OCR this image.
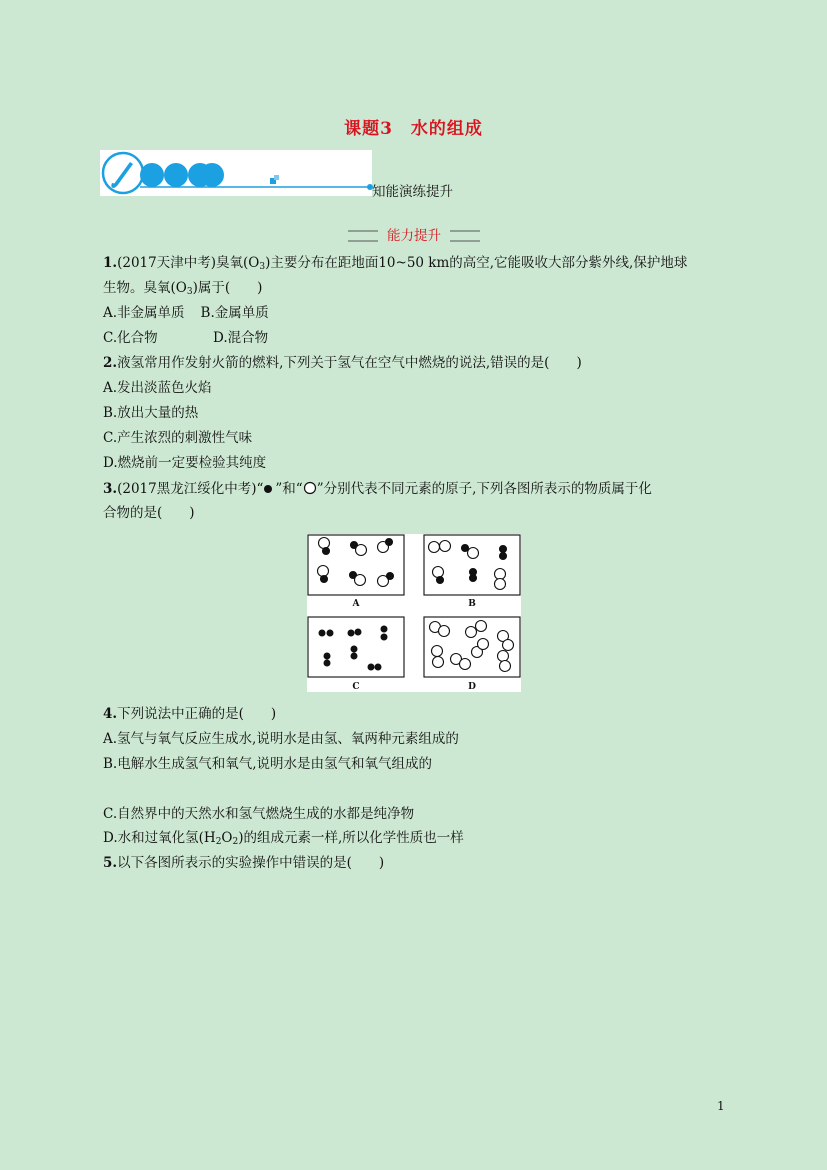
课题3　水的组成
知能演练提升
能力提升
1.(2017天津中考)臭氧$(O_3)$主要分布在距地面10~50 km的高空,它能吸收大部分紫外线,保护地球
生物。臭氧$(O_3)$属于(　　)
A.非金属单质 B.金属单质
C.化合物	D.混合物
2.液氢常用作发射火箭的燃料,下列关于氢气在空气中燃烧的说法,错误的是(　　)
A.发出淡蓝色火焰
B.放出大量的热
C.产生浓烈的刺激性气味
D.燃烧前一定要检验其纯度
3.(2017黑龙江绥化中考)“ ”和“ ”分别代表不同元素的原子,下列各图所表示的物质属于化
合物的是(　　)
A	B
C	D
4.下列说法中正确的是(　　)
A.氢气与氧气反应生成水,说明水是由氢、氧两种元素组成的
B.电解水生成氢气和氧气,说明水是由氢气和氧气组成的
C.自然界中的天然水和氢气燃烧生成的水都是纯净物
D.水和过氧化氢$(H_2O_2)$的组成元素一样,所以化学性质也一样
5.以下各图所表示的实验操作中错误的是(　　)
1
